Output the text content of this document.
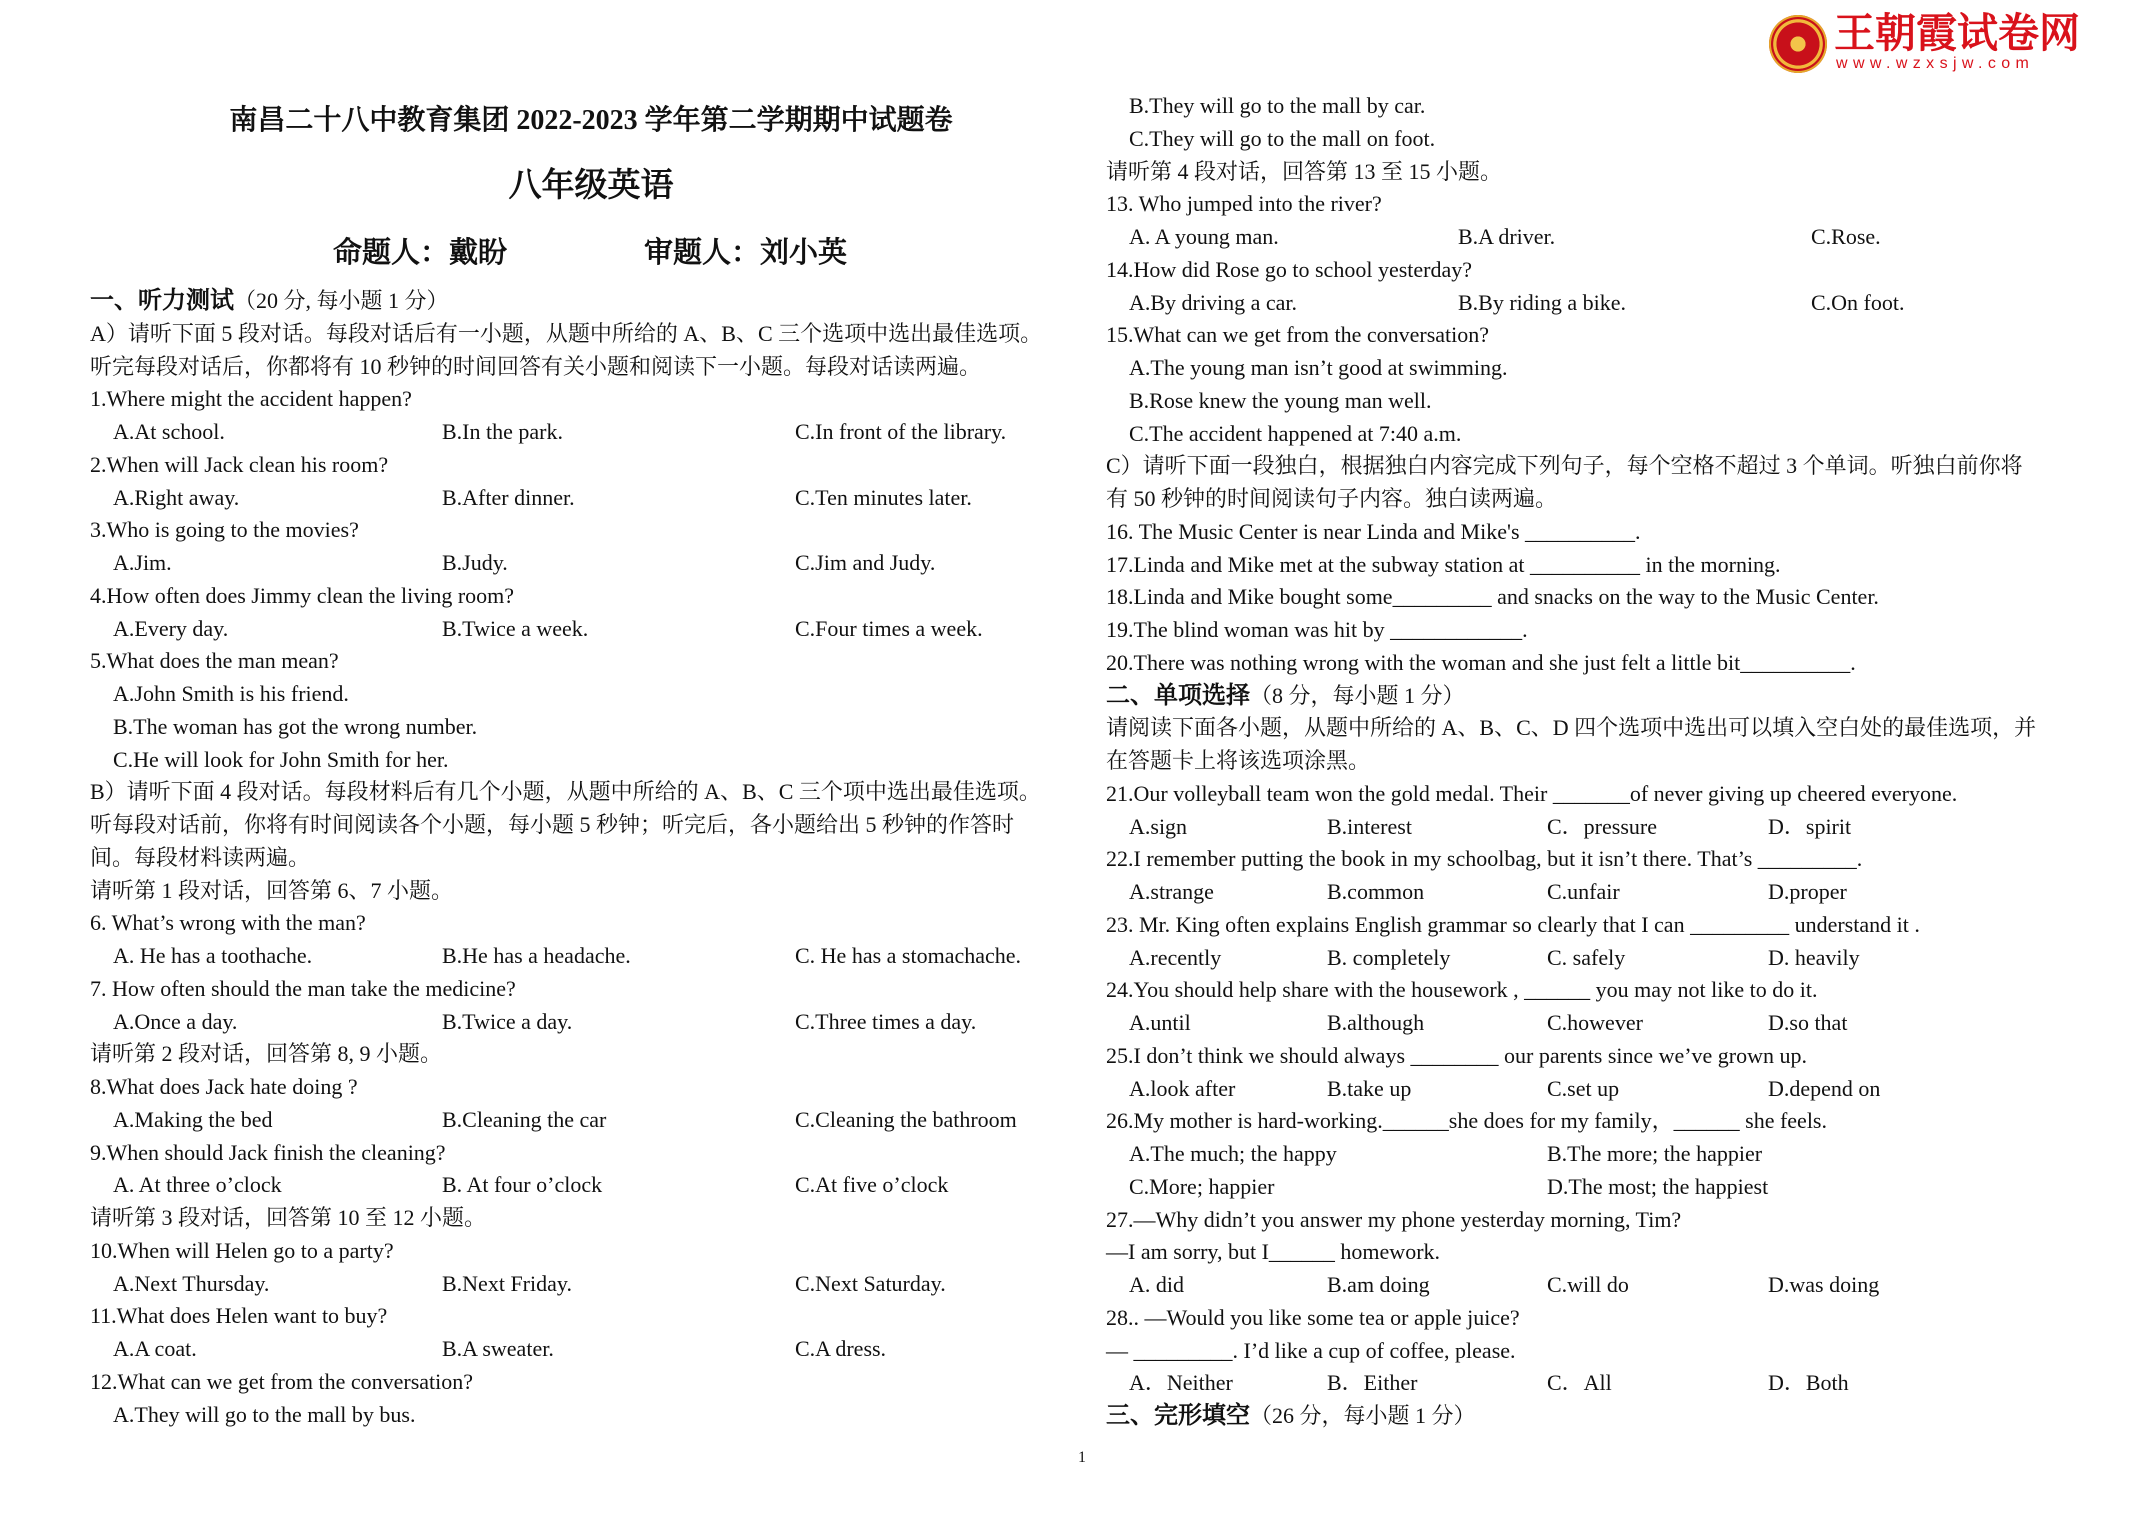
王朝霞试卷网
www.wzxsjw.com
南昌二十八中教育集团 2022-2023 学年第二学期期中试题卷
八年级英语
命题人：戴盼	审题人：刘小英
一、听力测试（20 分, 每小题 1 分）
A）请听下面 5 段对话。每段对话后有一小题，从题中所给的 A、B、C 三个选项中选出最佳选项。
听完每段对话后，你都将有 10 秒钟的时间回答有关小题和阅读下一小题。每段对话读两遍。
1.Where might the accident happen?
A.At school.	B.In the park.	C.In front of the library.
2.When will Jack clean his room?
A.Right away.	B.After dinner.	C.Ten minutes later.
3.Who is going to the movies?
A.Jim.	B.Judy.	C.Jim and Judy.
4.How often does Jimmy clean the living room?
A.Every day.	B.Twice a week.	C.Four times a week.
5.What does the man mean?
A.John Smith is his friend.
B.The woman has got the wrong number.
C.He will look for John Smith for her.
B）请听下面 4 段对话。每段材料后有几个小题，从题中所给的 A、B、C 三个项中选出最佳选项。
听每段对话前，你将有时间阅读各个小题，每小题 5 秒钟；听完后，各小题给出 5 秒钟的作答时
间。每段材料读两遍。
请听第 1 段对话，回答第 6、7 小题。
6. What’s wrong with the man?
A. He has a toothache.	B.He has a headache.	C. He has a stomachache.
7. How often should the man take the medicine?
A.Once a day.	B.Twice a day.	C.Three times a day.
请听第 2 段对话，回答第 8, 9 小题。
8.What does Jack hate doing ?
A.Making the bed	B.Cleaning the car	C.Cleaning the bathroom
9.When should Jack finish the cleaning?
A. At three o’clock	B. At four o’clock	C.At five o’clock
请听第 3 段对话，回答第 10 至 12 小题。
10.When will Helen go to a party?
A.Next Thursday.	B.Next Friday.	C.Next Saturday.
11.What does Helen want to buy?
A.A coat.	B.A sweater.	C.A dress.
12.What can we get from the conversation?
A.They will go to the mall by bus.
B.They will go to the mall by car.
C.They will go to the mall on foot.
请听第 4 段对话，回答第 13 至 15 小题。
13. Who jumped into the river?
A. A young man.	B.A driver.	C.Rose.
14.How did Rose go to school yesterday?
A.By driving a car.	B.By riding a bike.	C.On foot.
15.What can we get from the conversation?
A.The young man isn’t good at swimming.
B.Rose knew the young man well.
C.The accident happened at 7:40 a.m.
C）请听下面一段独白，根据独白内容完成下列句子，每个空格不超过 3 个单词。听独白前你将
有 50 秒钟的时间阅读句子内容。独白读两遍。
16. The Music Center is near Linda and Mike's __________.
17.Linda and Mike met at the subway station at __________ in the morning.
18.Linda and Mike bought some_________ and snacks on the way to the Music Center.
19.The blind woman was hit by ____________.
20.There was nothing wrong with the woman and she just felt a little bit__________.
二、单项选择（8 分，每小题 1 分）
请阅读下面各小题，从题中所给的 A、B、C、D 四个选项中选出可以填入空白处的最佳选项，并
在答题卡上将该选项涂黑。
21.Our volleyball team won the gold medal. Their _______of never giving up cheered everyone.
A.sign	B.interest	C．pressure	D．spirit
22.I remember putting the book in my schoolbag, but it isn’t there. That’s _________.
A.strange	B.common	C.unfair	D.proper
23. Mr. King often explains English grammar so clearly that I can _________ understand it .
A.recently	B. completely	C. safely	D. heavily
24.You should help share with the housework , ______ you may not like to do it.
A.until	B.although	C.however	D.so that
25.I don’t think we should always ________ our parents since we’ve grown up.
A.look after	B.take up	C.set up	D.depend on
26.My mother is hard-working.______she does for my family，______ she feels.
A.The much; the happy	B.The more; the happier
C.More; happier	D.The most; the happiest
27.—Why didn’t you answer my phone yesterday morning, Tim?
—I am sorry, but I______ homework.
A. did	B.am doing	C.will do	D.was doing
28.. —Would you like some tea or apple juice?
— _________. I’d like a cup of coffee, please.
A．Neither	B．Either	C．All	D．Both
三、完形填空（26 分，每小题 1 分）
1
